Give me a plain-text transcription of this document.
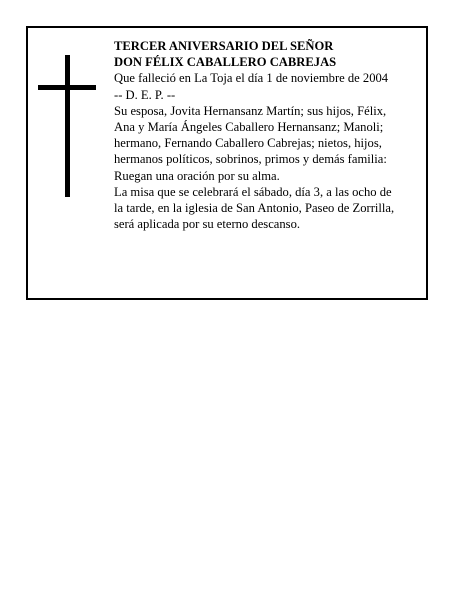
TERCER ANIVERSARIO DEL SEÑOR
DON FÉLIX CABALLERO CABREJAS
Que falleció en La Toja el día 1 de noviembre de 2004
-- D. E. P. --
Su esposa, Jovita Hernansanz Martín; sus hijos, Félix,
Ana y María Ángeles Caballero Hernansanz; Manoli;
hermano, Fernando Caballero Cabrejas; nietos, hijos,
hermanos políticos, sobrinos, primos y demás familia:
Ruegan una oración por su alma.
La misa que se celebrará el sábado, día 3, a las ocho de
la tarde, en la iglesia de San Antonio, Paseo de Zorrilla,
será aplicada por su eterno descanso.
